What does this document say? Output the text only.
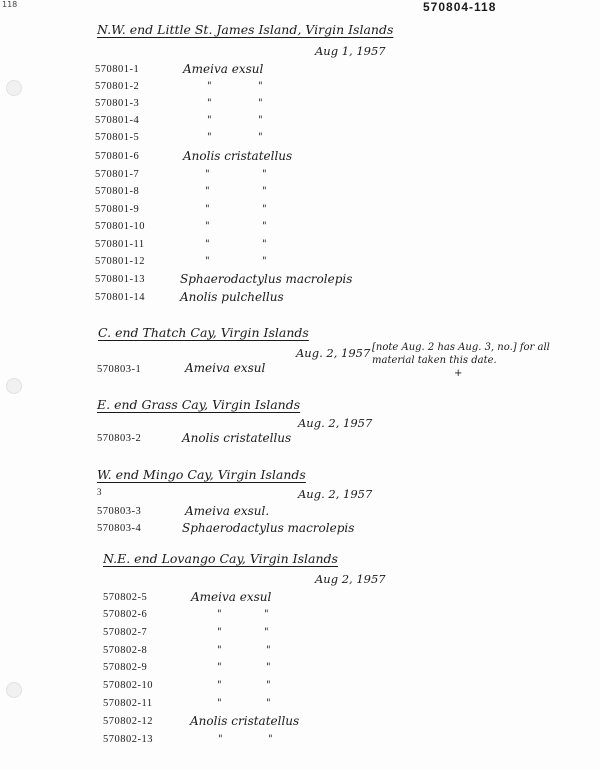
118	570804-118
N.W. end Little St. James Island, Virgin Islands
Aug 1, 1957
570801-1	Ameiva exsul
570801-2	"	"
570801-3	"	"
570801-4	"	"
570801-5	"	"
570801-6	Anolis cristatellus
570801-7	"	"
570801-8	"	"
570801-9	"	"
570801-10	"	"
570801-11	"	"
570801-12	"	"
570801-13	Sphaerodactylus macrolepis
570801-14	Anolis pulchellus
C. end Thatch Cay, Virgin Islands
Aug. 2, 1957 [note Aug. 2 has Aug. 3, no.] for all material taken this date.
+
570803-1	Ameiva exsul
E. end Grass Cay, Virgin Islands
Aug. 2, 1957
570803-2	Anolis cristatellus
W. end Mingo Cay, Virgin Islands
Aug. 2, 1957
3
570803-3	Ameiva exsul.
570803-4	Sphaerodactylus macrolepis
N.E. end Lovango Cay, Virgin Islands
Aug 2, 1957
570802-5	Ameiva exsul
570802-6	"	"
570802-7	"	"
570802-8	"	"
570802-9	"	"
570802-10	"	"
570802-11	"	"
570802-12	Anolis cristatellus
570802-13	"	"
